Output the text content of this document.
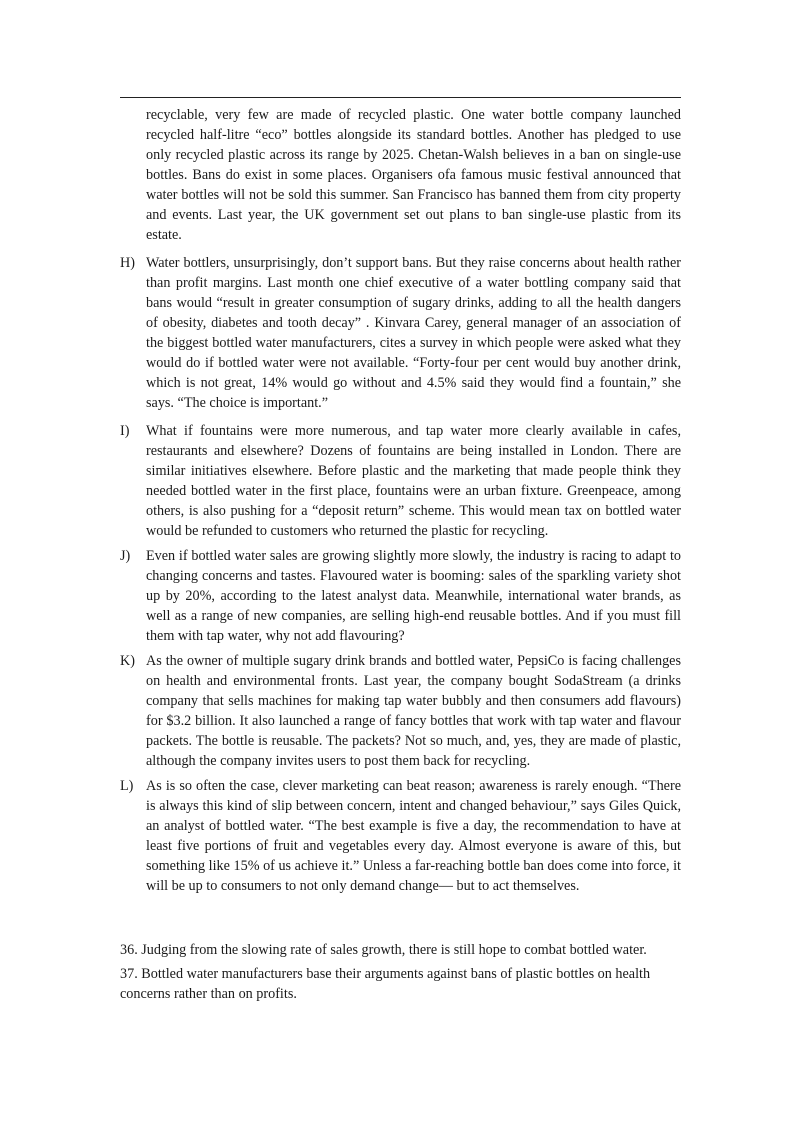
recyclable, very few are made of recycled plastic. One water bottle company launched recycled half-litre “eco” bottles alongside its standard bottles. Another has pledged to use only recycled plastic across its range by 2025. Chetan-Walsh believes in a ban on single-use bottles. Bans do exist in some places. Organisers ofa famous music festival announced that water bottles will not be sold this summer. San Francisco has banned them from city property and events. Last year, the UK government set out plans to ban single-use plastic from its estate.
H) Water bottlers, unsurprisingly, don’t support bans. But they raise concerns about health rather than profit margins. Last month one chief executive of a water bottling company said that bans would “result in greater consumption of sugary drinks, adding to all the health dangers of obesity, diabetes and tooth decay” . Kinvara Carey, general manager of an association of the biggest bottled water manufacturers, cites a survey in which people were asked what they would do if bottled water were not available. “Forty-four per cent would buy another drink, which is not great, 14% would go without and 4.5% said they would find a fountain,” she says. “The choice is important.”
I)	What if fountains were more numerous, and tap water more clearly available in cafes, restaurants and elsewhere? Dozens of fountains are being installed in London. There are similar initiatives elsewhere. Before plastic and the marketing that made people think they needed bottled water in the first place, fountains were an urban fixture. Greenpeace, among others, is also pushing for a “deposit return” scheme. This would mean tax on bottled water would be refunded to customers who returned the plastic for recycling.
J)	Even if bottled water sales are growing slightly more slowly, the industry is racing to adapt to changing concerns and tastes. Flavoured water is booming: sales of the sparkling variety shot up by 20%, according to the latest analyst data. Meanwhile, international water brands, as well as a range of new companies, are selling high-end reusable bottles. And if you must fill them with tap water, why not add flavouring?
K) As the owner of multiple sugary drink brands and bottled water, PepsiCo is facing challenges on health and environmental fronts. Last year, the company bought SodaStream (a drinks company that sells machines for making tap water bubbly and then consumers add flavours) for $3.2 billion. It also launched a range of fancy bottles that work with tap water and flavour packets. The bottle is reusable. The packets? Not so much, and, yes, they are made of plastic, although the company invites users to post them back for recycling.
L) As is so often the case, clever marketing can beat reason; awareness is rarely enough. “There is always this kind of slip between concern, intent and changed behaviour,” says Giles Quick, an analyst of bottled water. “The best example is five a day, the recommendation to have at least five portions of fruit and vegetables every day. Almost everyone is aware of this, but something like 15% of us achieve it.” Unless a far-reaching bottle ban does come into force, it will be up to consumers to not only demand change— but to act themselves.
36. Judging from the slowing rate of sales growth, there is still hope to combat bottled water.
37. Bottled water manufacturers base their arguments against bans of plastic bottles on health concerns rather than on profits.
